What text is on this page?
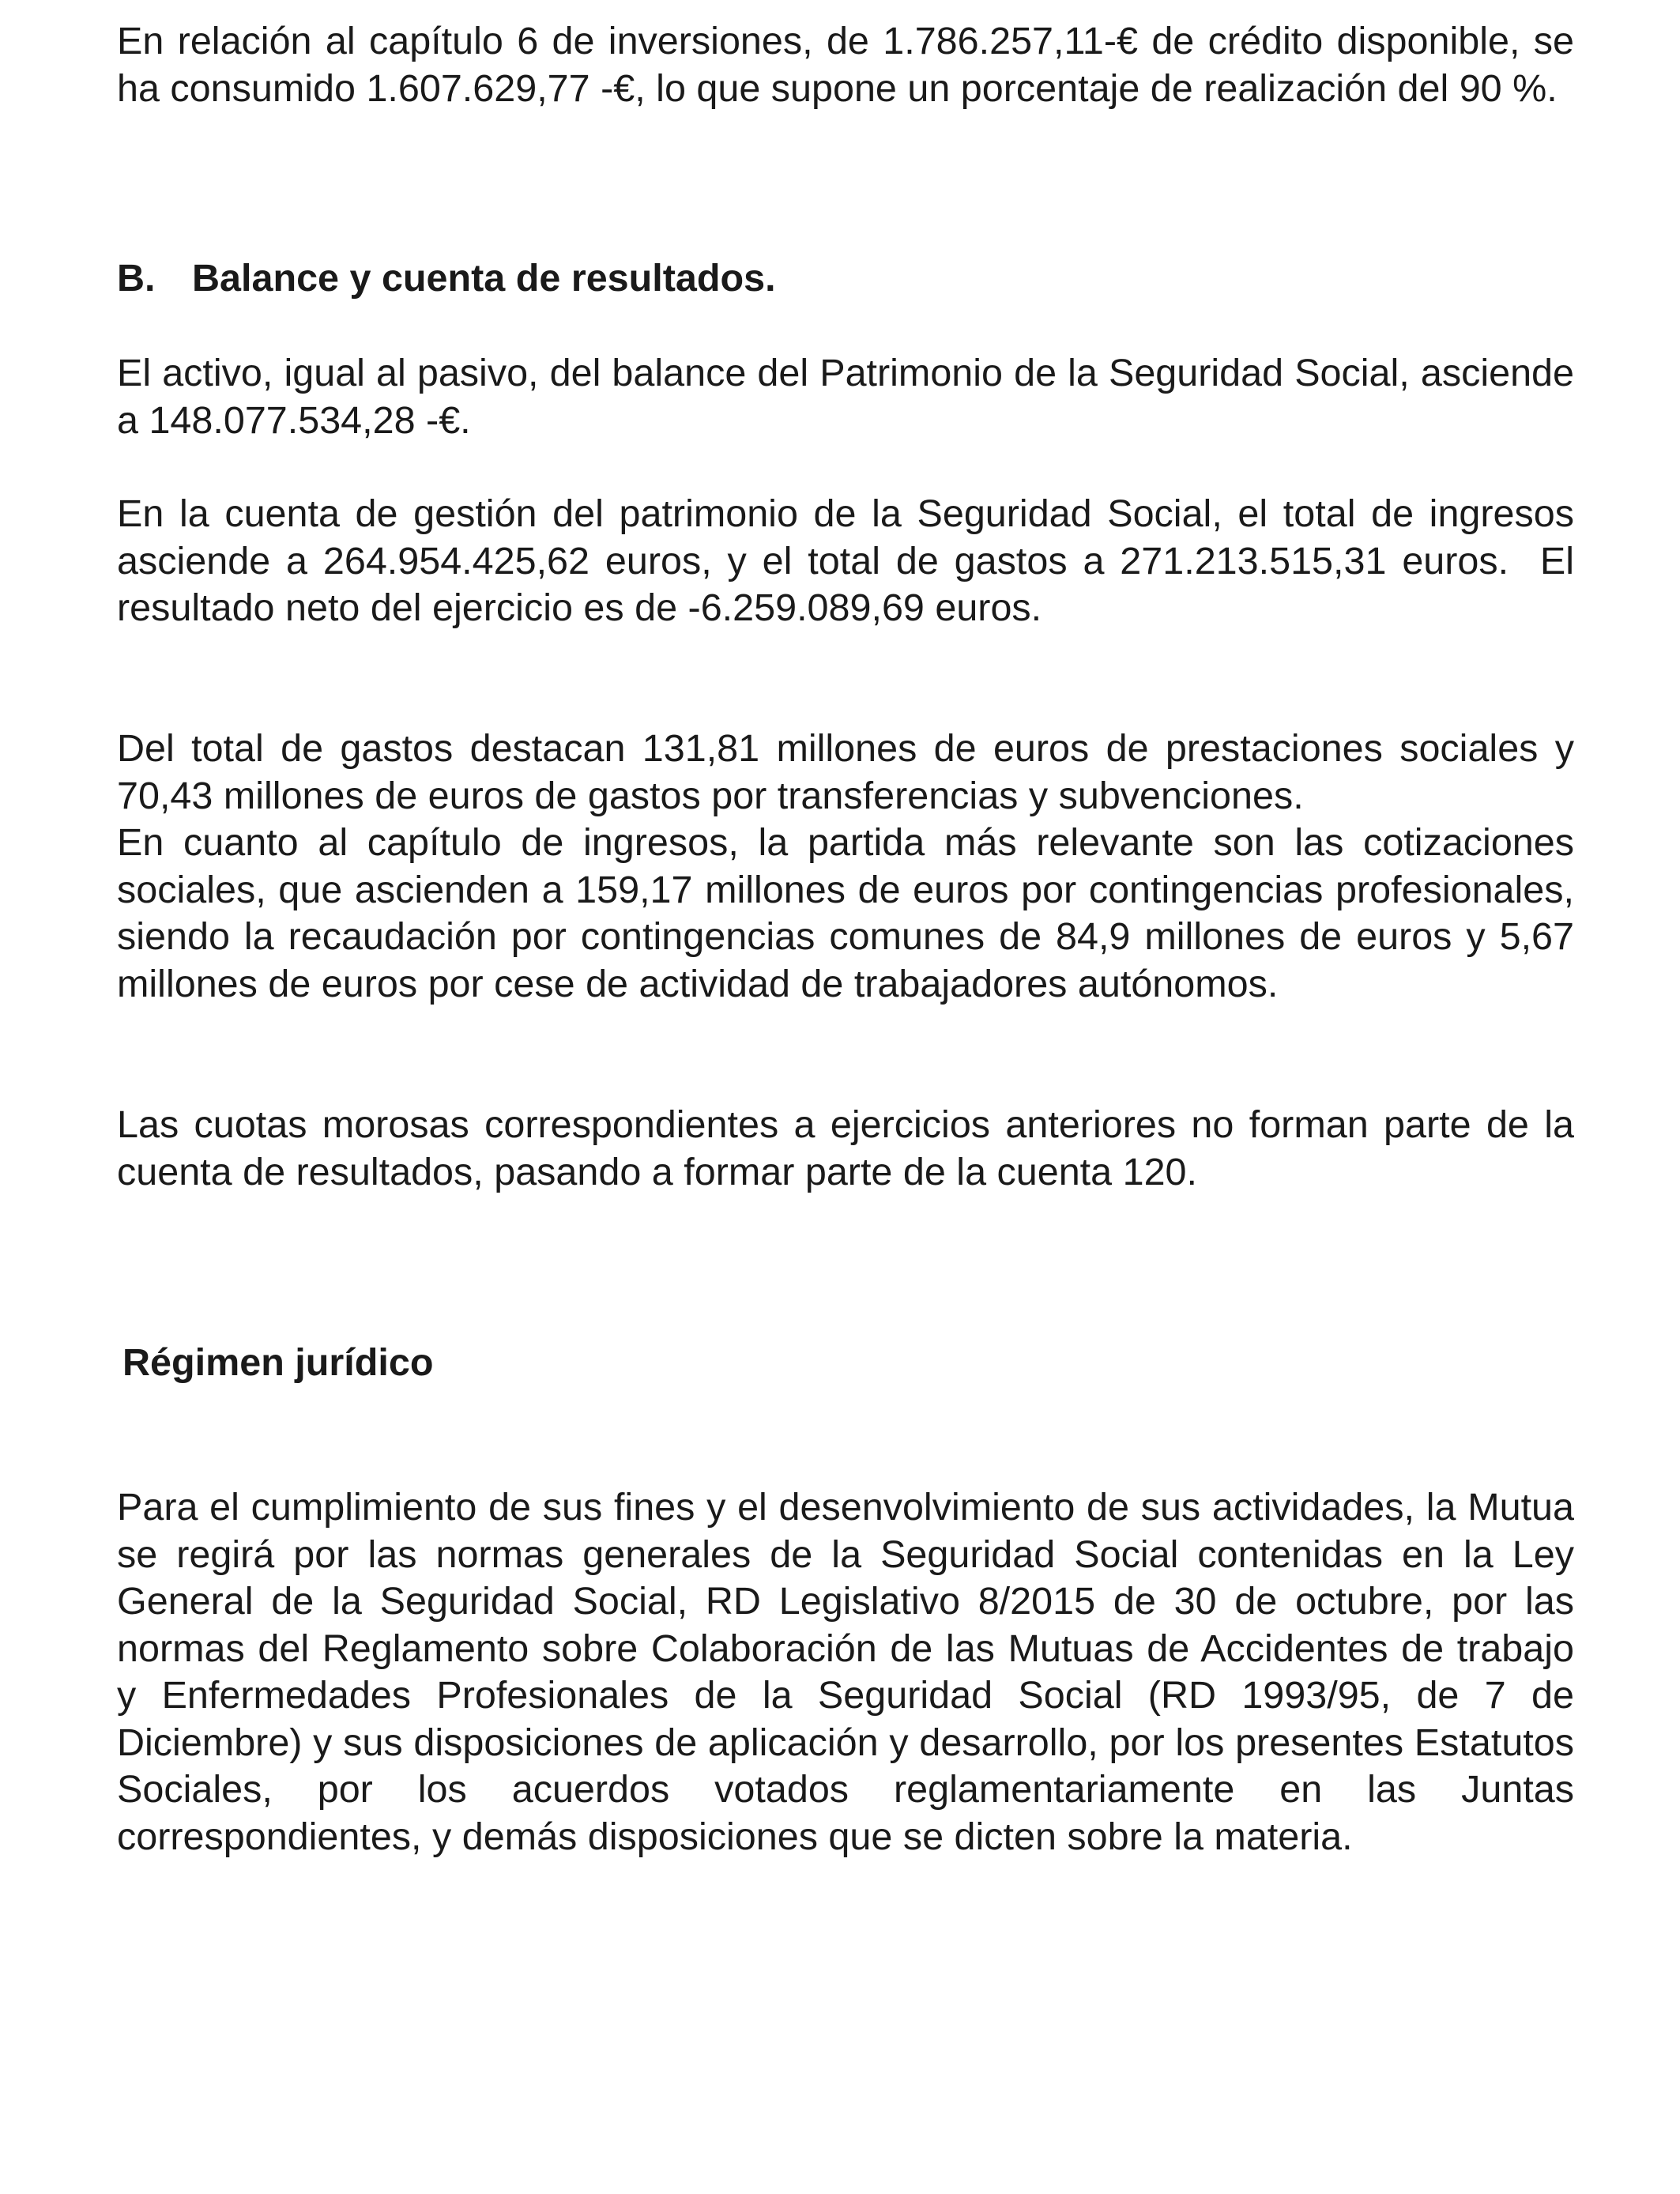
En relación al capítulo 6 de inversiones, de 1.786.257,11-€ de crédito disponible, se ha consumido 1.607.629,77 -€, lo que supone un porcentaje de realización del 90 %.

B. Balance y cuenta de resultados.

El activo, igual al pasivo, del balance del Patrimonio de la Seguridad Social, asciende a 148.077.534,28 -€.

En la cuenta de gestión del patrimonio de la Seguridad Social, el total de ingresos    asciende a 264.954.425,62 euros, y el total de gastos a 271.213.515,31 euros.  El resultado neto del ejercicio es de -6.259.089,69 euros.

Del total de gastos destacan 131,81 millones de euros de prestaciones sociales y 70,43 millones de euros de gastos por transferencias y subvenciones.

En cuanto al capítulo de ingresos, la partida más relevante son las cotizaciones sociales, que ascienden a 159,17 millones de euros por contingencias profesionales, siendo la recaudación por contingencias comunes de 84,9 millones de euros y 5,67 millones de euros por cese de actividad de trabajadores autónomos.

Las cuotas morosas correspondientes a ejercicios anteriores no forman parte de la cuenta de resultados, pasando a formar parte de la cuenta 120.

Régimen jurídico

Para el cumplimiento de sus fines y el desenvolvimiento de sus actividades, la Mutua se regirá por las normas generales de la Seguridad Social contenidas en la Ley General de la Seguridad Social, RD Legislativo 8/2015 de 30 de octubre, por las normas del Reglamento sobre Colaboración de las Mutuas de Accidentes de trabajo y Enfermedades Profesionales de la Seguridad Social (RD 1993/95, de 7 de Diciembre) y sus disposiciones de aplicación y desarrollo, por los presentes Estatutos Sociales, por los acuerdos votados reglamentariamente en las Juntas correspondientes, y demás disposiciones que se dicten sobre la materia.
